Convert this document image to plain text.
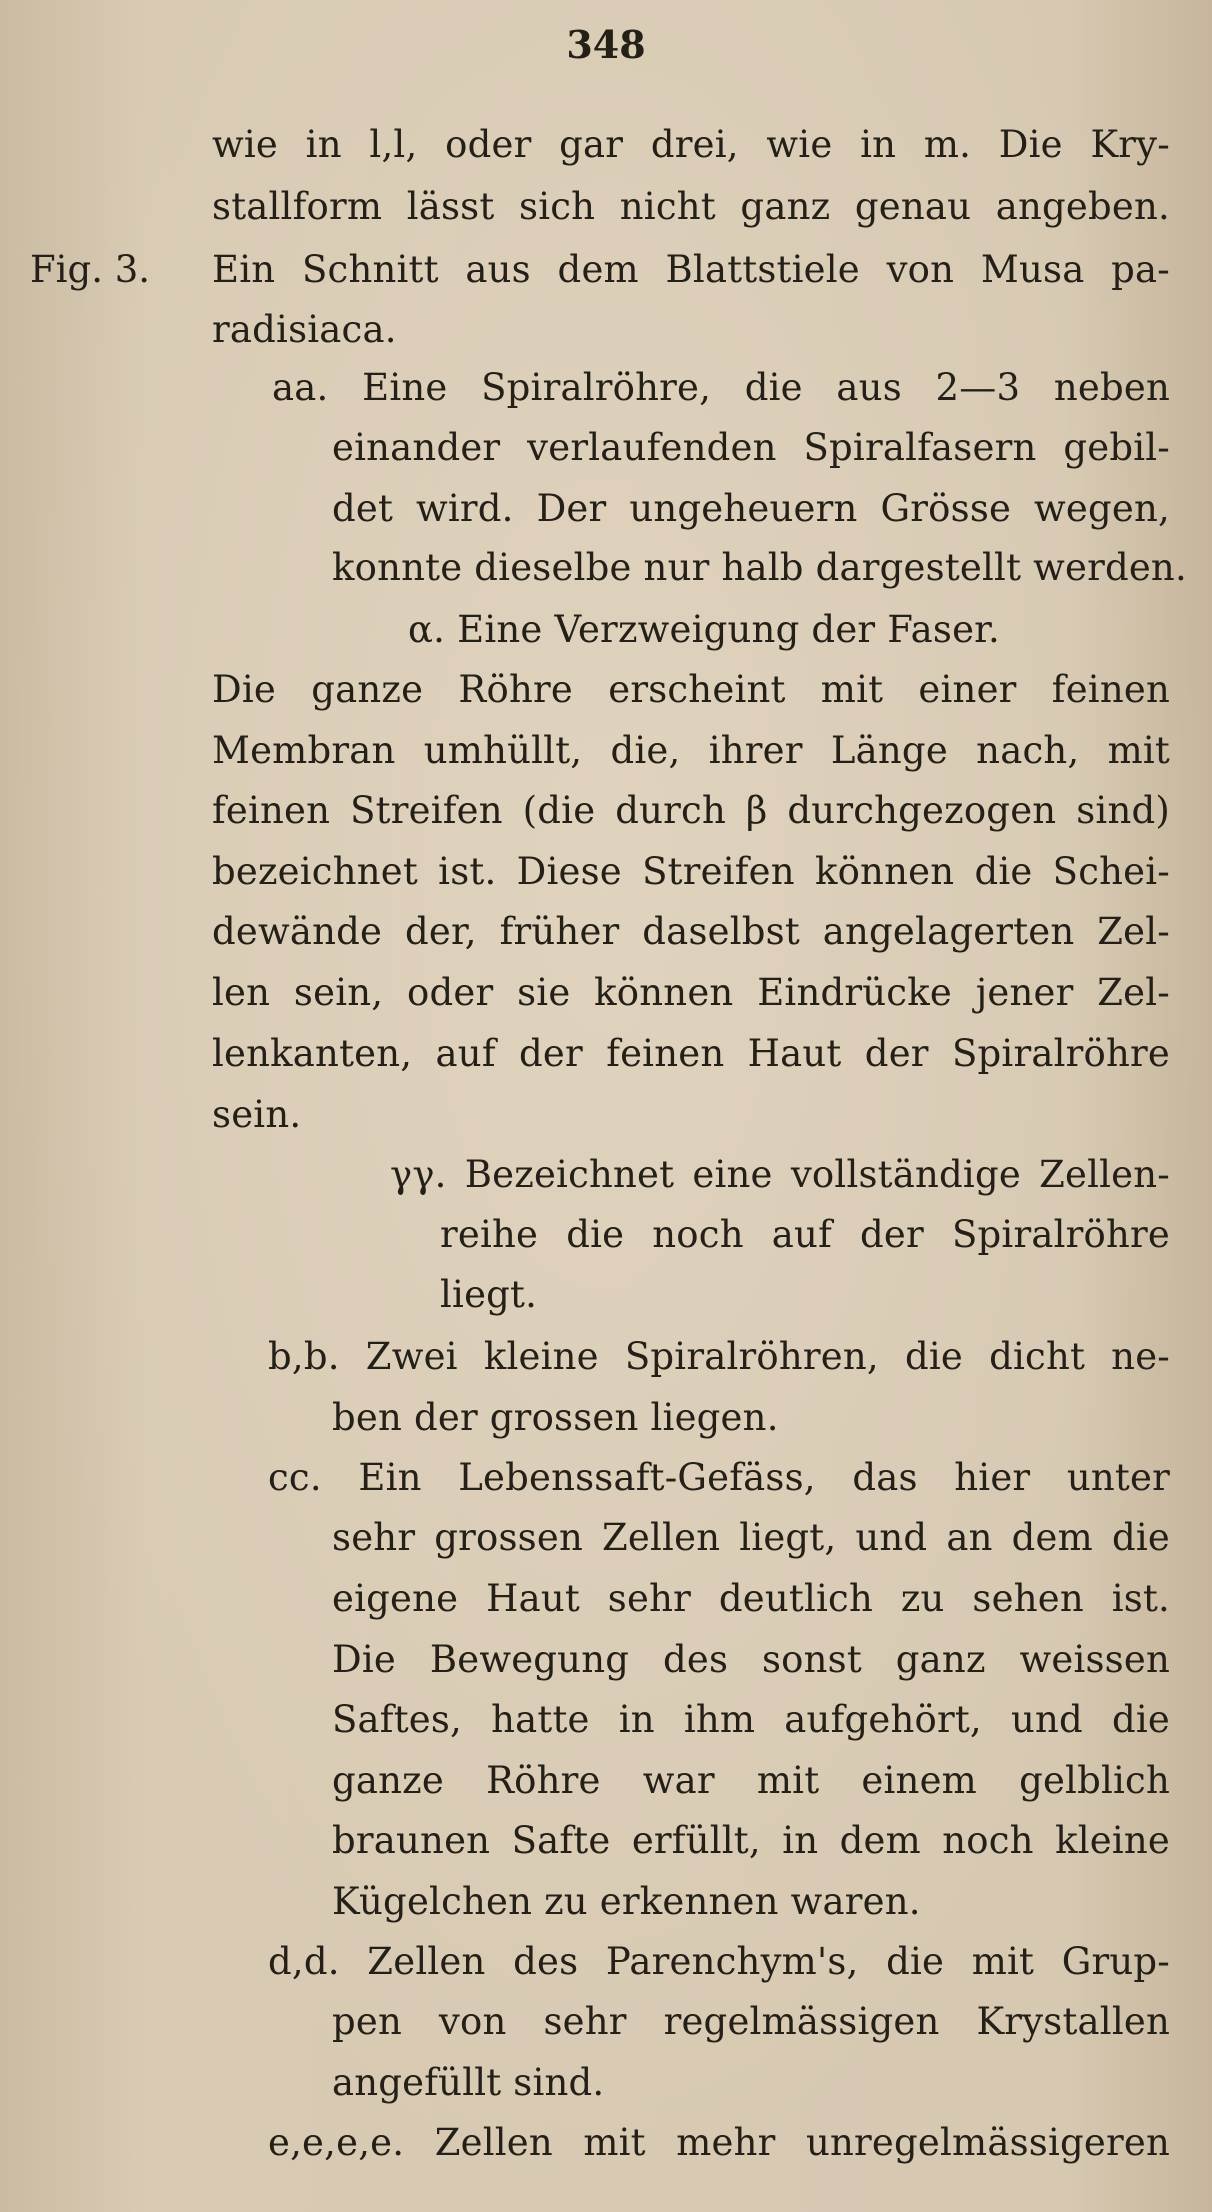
348
Fig. 3.
wie in l,l, oder gar drei, wie in m. Die Kry-
stallform lässt sich nicht ganz genau angeben.
Ein Schnitt aus dem Blattstiele von Musa pa-
radisiaca.
aa. Eine Spiralröhre, die aus 2—3 neben
einander verlaufenden Spiralfasern gebil-
det wird. Der ungeheuern Grösse wegen,
konnte dieselbe nur halb dargestellt werden.
α. Eine Verzweigung der Faser.
Die ganze Röhre erscheint mit einer feinen
Membran umhüllt, die, ihrer Länge nach, mit
feinen Streifen (die durch β durchgezogen sind)
bezeichnet ist. Diese Streifen können die Schei-
dewände der, früher daselbst angelagerten Zel-
len sein, oder sie können Eindrücke jener Zel-
lenkanten, auf der feinen Haut der Spiralröhre
sein.
γγ. Bezeichnet eine vollständige Zellen-
reihe die noch auf der Spiralröhre
liegt.
b,b. Zwei kleine Spiralröhren, die dicht ne-
ben der grossen liegen.
cc. Ein Lebenssaft-Gefäss, das hier unter
sehr grossen Zellen liegt, und an dem die
eigene Haut sehr deutlich zu sehen ist.
Die Bewegung des sonst ganz weissen
Saftes, hatte in ihm aufgehört, und die
ganze Röhre war mit einem gelblich
braunen Safte erfüllt, in dem noch kleine
Kügelchen zu erkennen waren.
d,d. Zellen des Parenchym's, die mit Grup-
pen von sehr regelmässigen Krystallen
angefüllt sind.
e,e,e,e. Zellen mit mehr unregelmässigeren
